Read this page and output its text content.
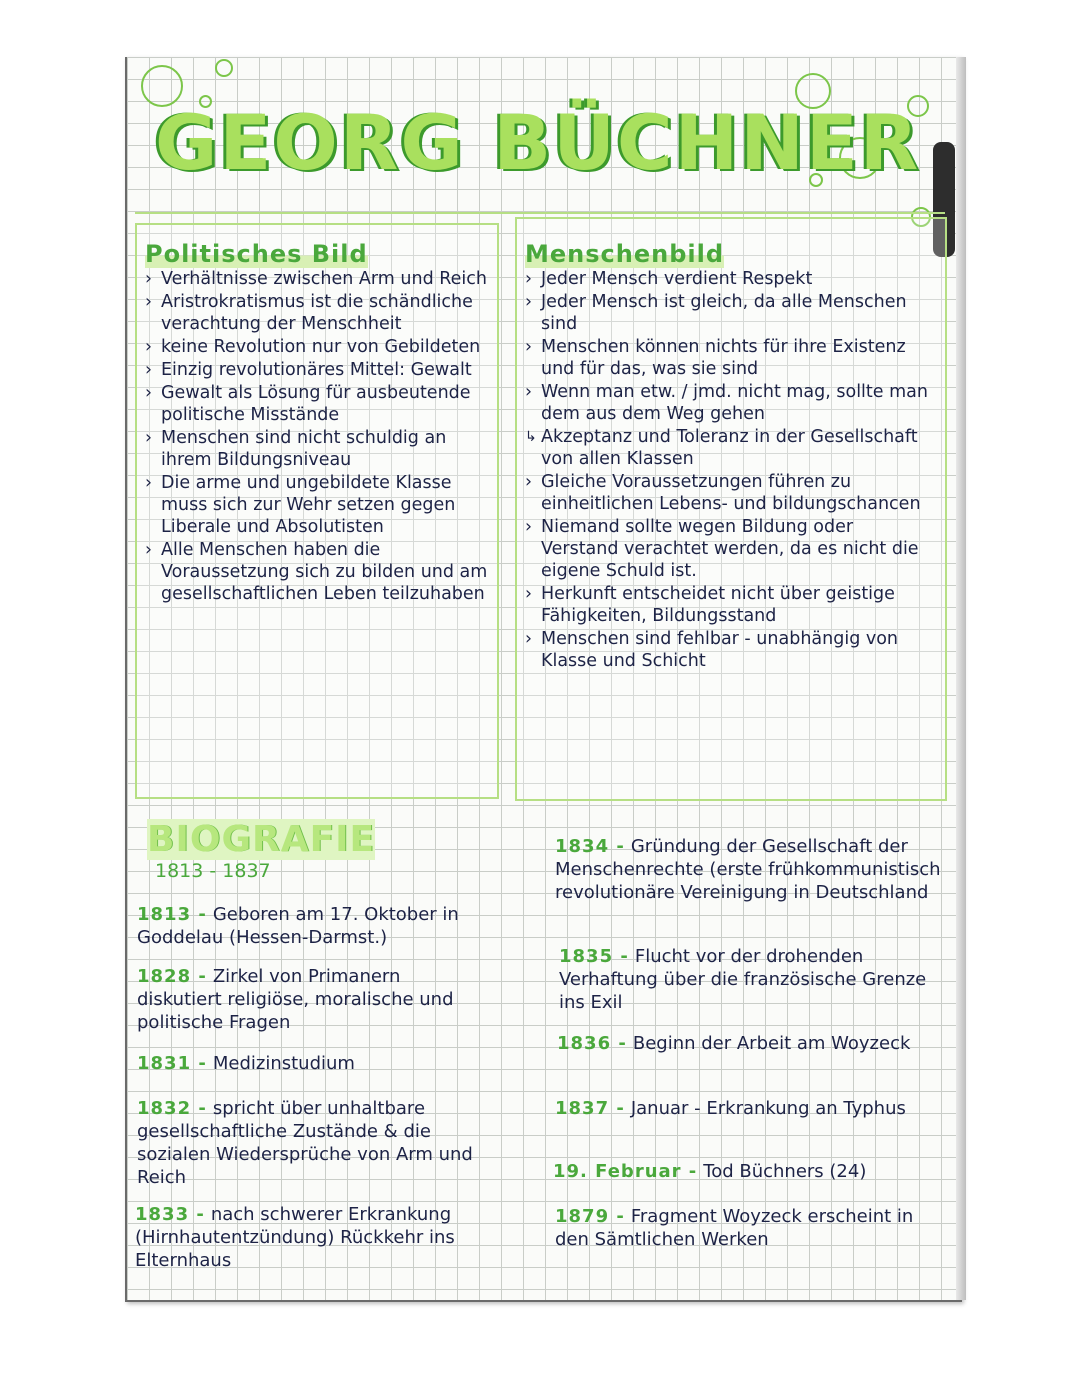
GEORG BÜCHNER
Politisches Bild
› Verhältnisse zwischen Arm und Reich
› Aristrokratismus ist die schändliche verachtung der Menschheit
› keine Revolution nur von Gebildeten
› Einzig revolutionäres Mittel: Gewalt
› Gewalt als Lösung für ausbeutende politische Misstände
› Menschen sind nicht schuldig an ihrem Bildungsniveau
› Die arme und ungebildete Klasse muss sich zur Wehr setzen gegen Liberale und Absolutisten
› Alle Menschen haben die Voraussetzung sich zu bilden und am gesellschaftlichen Leben teilzuhaben
Menschenbild
› Jeder Mensch verdient Respekt
› Jeder Mensch ist gleich, da alle Menschen sind
› Menschen können nichts für ihre Existenz und für das, was sie sind
› Wenn man etw. / jmd. nicht mag, sollte man dem aus dem Weg gehen
↳ Akzeptanz und Toleranz in der Gesellschaft von allen Klassen
› Gleiche Voraussetzungen führen zu einheitlichen Lebens- und bildungschancen
› Niemand sollte wegen Bildung oder Verstand verachtet werden, da es nicht die eigene Schuld ist.
› Herkunft entscheidet nicht über geistige Fähigkeiten, Bildungsstand
› Menschen sind fehlbar - unabhängig von Klasse und Schicht
BIOGRAFIE
1813 - 1837
1813 - Geboren am 17. Oktober in Goddelau (Hessen-Darmst.)
1828 - Zirkel von Primanern diskutiert religiöse, moralische und politische Fragen
1831 - Medizinstudium
1832 - spricht über unhaltbare gesellschaftliche Zustände & die sozialen Wiedersprüche von Arm und Reich
1833 - nach schwerer Erkrankung (Hirnhautentzündung) Rückkehr ins Elternhaus
1834 - Gründung der Gesellschaft der Menschenrechte (erste frühkommunistisch revolutionäre Vereinigung in Deutschland
1835 - Flucht vor der drohenden Verhaftung über die französische Grenze ins Exil
1836 - Beginn der Arbeit am Woyzeck
1837 - Januar - Erkrankung an Typhus
19. Februar - Tod Büchners (24)
1879 - Fragment Woyzeck erscheint in den Sämtlichen Werken
